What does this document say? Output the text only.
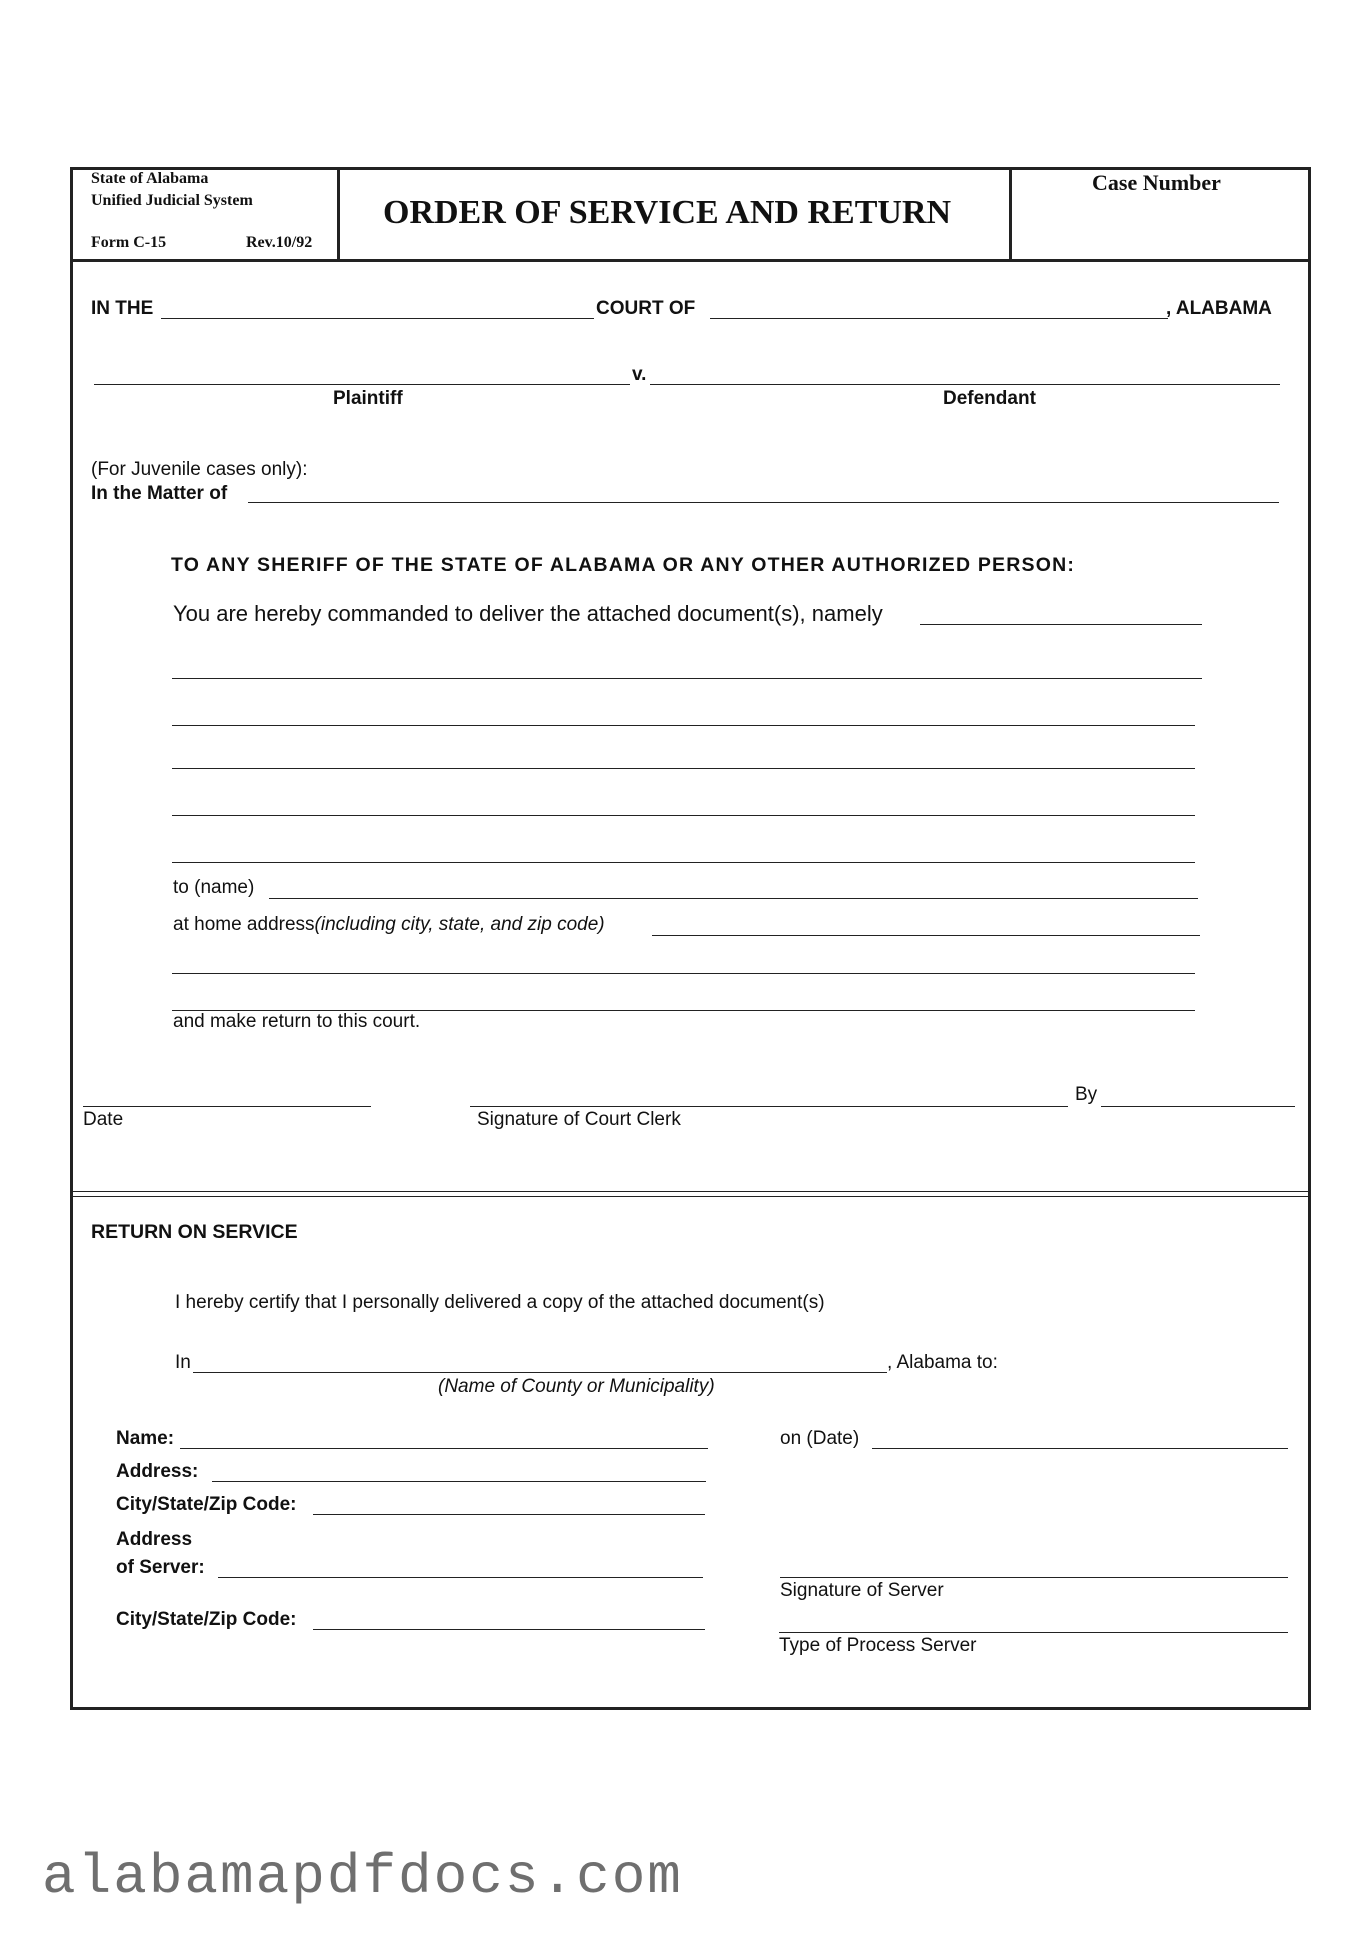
State of Alabama
Unified Judicial System
Form C-15	Rev.10/92
ORDER OF SERVICE AND RETURN
Case Number
IN THE	COURT OF	, ALABAMA
v.
Plaintiff	Defendant
(For Juvenile cases only):
In the Matter of
TO ANY SHERIFF OF THE STATE OF ALABAMA OR ANY OTHER AUTHORIZED PERSON:
You are hereby commanded to deliver the attached document(s), namely
to (name)
at home address(including city, state, and zip code)
and make return to this court.
Date	Signature of Court Clerk
By
RETURN ON SERVICE
I hereby certify that I personally delivered a copy of the attached document(s)
In	, Alabama to:
(Name of County or Municipality)
Name:	on (Date)
Address:
City/State/Zip Code:
Address
of Server:
Signature of Server
City/State/Zip Code:
Type of Process Server
alabamapdfdocs.com
